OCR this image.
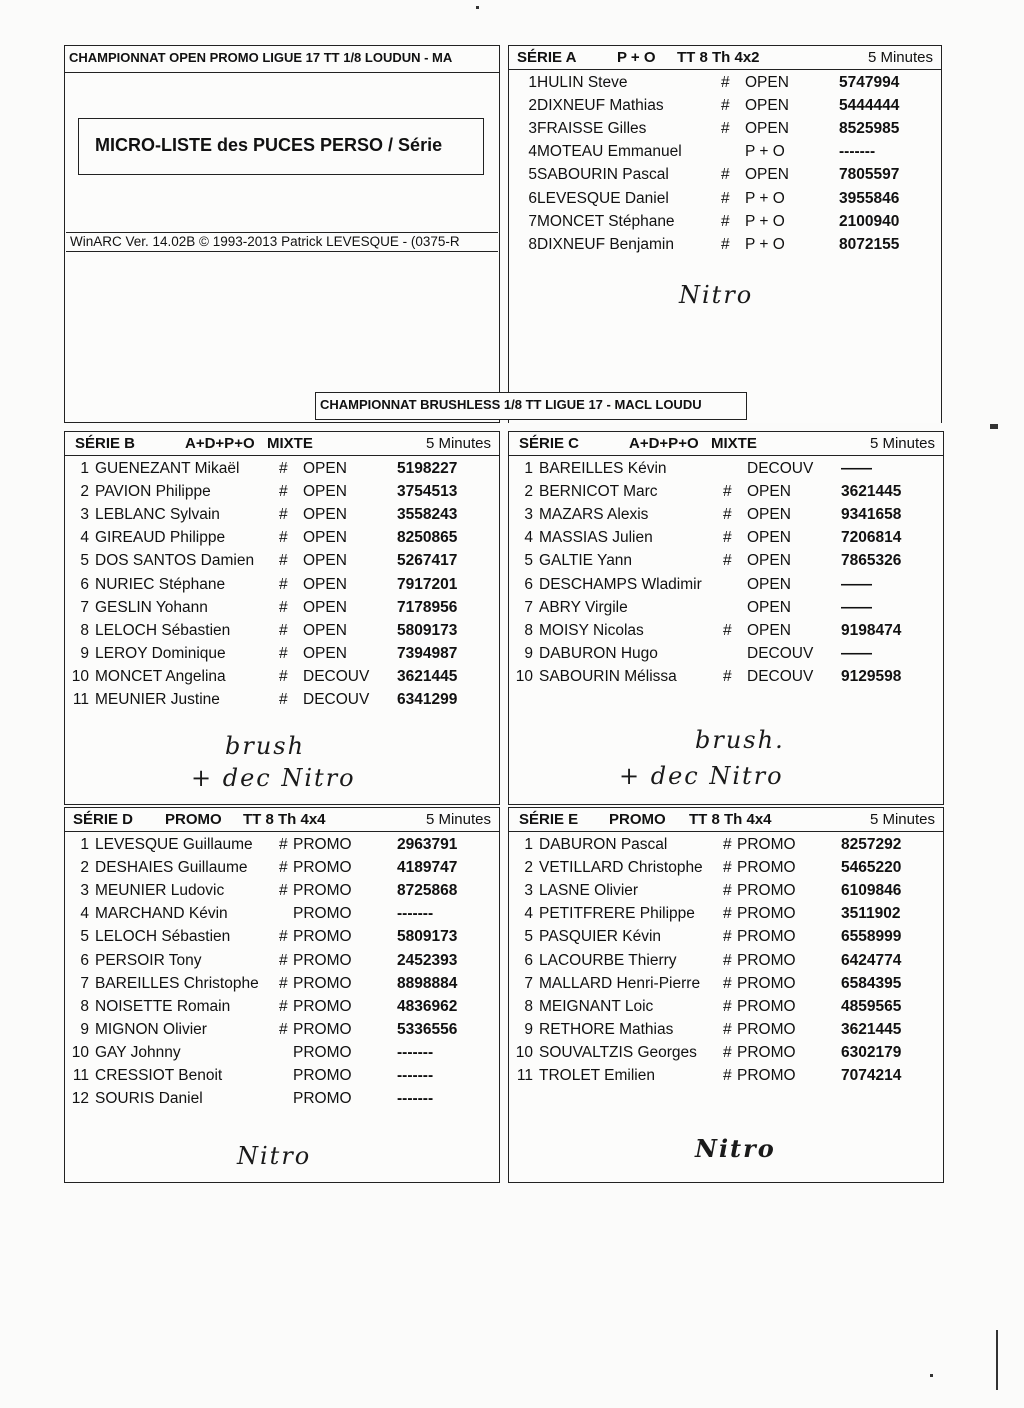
CHAMPIONNAT OPEN PROMO LIGUE 17 TT 1/8 LOUDUN - MA
MICRO-LISTE des PUCES PERSO / Série
WinARC Ver. 14.02B © 1993-2013 Patrick LEVESQUE - (0375-R
SÉRIE A	P + O TT 8 Th 4x2	5 Minutes
1 HULIN Steve	# OPEN	5747994
2 DIXNEUF Mathias	# OPEN	5444444
3 FRAISSE Gilles	# OPEN	8525985
4 MOTEAU Emmanuel	P + O	-------
5 SABOURIN Pascal	# OPEN	7805597
6 LEVESQUE Daniel	# P + O	3955846
7 MONCET Stéphane	# P + O	2100940
8 DIXNEUF Benjamin	# P + O	8072155
Nitro
CHAMPIONNAT BRUSHLESS 1/8 TT LIGUE 17 - MACL LOUDU
SÉRIE B	A+D+P+O MIXTE	5 Minutes
1 GUENEZANT Mikaël	# OPEN	5198227
2 PAVION Philippe	# OPEN	3754513
3 LEBLANC Sylvain	# OPEN	3558243
4 GIREAUD Philippe	# OPEN	8250865
5 DOS SANTOS Damien # OPEN	5267417
6 NURIEC Stéphane	# OPEN	7917201
7 GESLIN Yohann	# OPEN	7178956
8 LELOCH Sébastien	# OPEN	5809173
9 LEROY Dominique	# OPEN	7394987
10 MONCET Angelina	# DECOUV 3621445
11 MEUNIER Justine	# DECOUV 6341299
brush
+ dec Nitro
SÉRIE C	A+D+P+O MIXTE	5 Minutes
1 BAREILLES Kévin	DECOUV ——
2 BERNICOT Marc	# OPEN	3621445
3 MAZARS Alexis	# OPEN	9341658
4 MASSIAS Julien	# OPEN	7206814
5 GALTIE Yann	# OPEN	7865326
6 DESCHAMPS Wladimir	OPEN	——
7 ABRY Virgile	OPEN	——
8 MOISY Nicolas	# OPEN	9198474
9 DABURON Hugo	DECOUV ——
10 SABOURIN Mélissa	# DECOUV 9129598
brush.
+ dec Nitro
SÉRIE D PROMO TT 8 Th 4x4	5 Minutes
1 LEVESQUE Guillaume # PROMO	2963791
2 DESHAIES Guillaume # PROMO	4189747
3 MEUNIER Ludovic	# PROMO	8725868
4 MARCHAND Kévin	PROMO	-------
5 LELOCH Sébastien	# PROMO	5809173
6 PERSOIR Tony	# PROMO	2452393
7 BAREILLES Christophe # PROMO	8898884
8 NOISETTE Romain	# PROMO	4836962
9 MIGNON Olivier	# PROMO	5336556
10 GAY Johnny	PROMO	-------
11 CRESSIOT Benoit	PROMO	-------
12 SOURIS Daniel	PROMO	-------
Nitro
SÉRIE E PROMO TT 8 Th 4x4	5 Minutes
1 DABURON Pascal	# PROMO	8257292
2 VETILLARD Christophe # PROMO	5465220
3 LASNE Olivier	# PROMO	6109846
4 PETITFRERE Philippe # PROMO	3511902
5 PASQUIER Kévin	# PROMO	6558999
6 LACOURBE Thierry	# PROMO	6424774
7 MALLARD Henri-Pierre # PROMO	6584395
8 MEIGNANT Loic	# PROMO	4859565
9 RETHORE Mathias	# PROMO	3621445
10 SOUVALTZIS Georges # PROMO	6302179
11 TROLET Emilien	# PROMO	7074214
Nitro
